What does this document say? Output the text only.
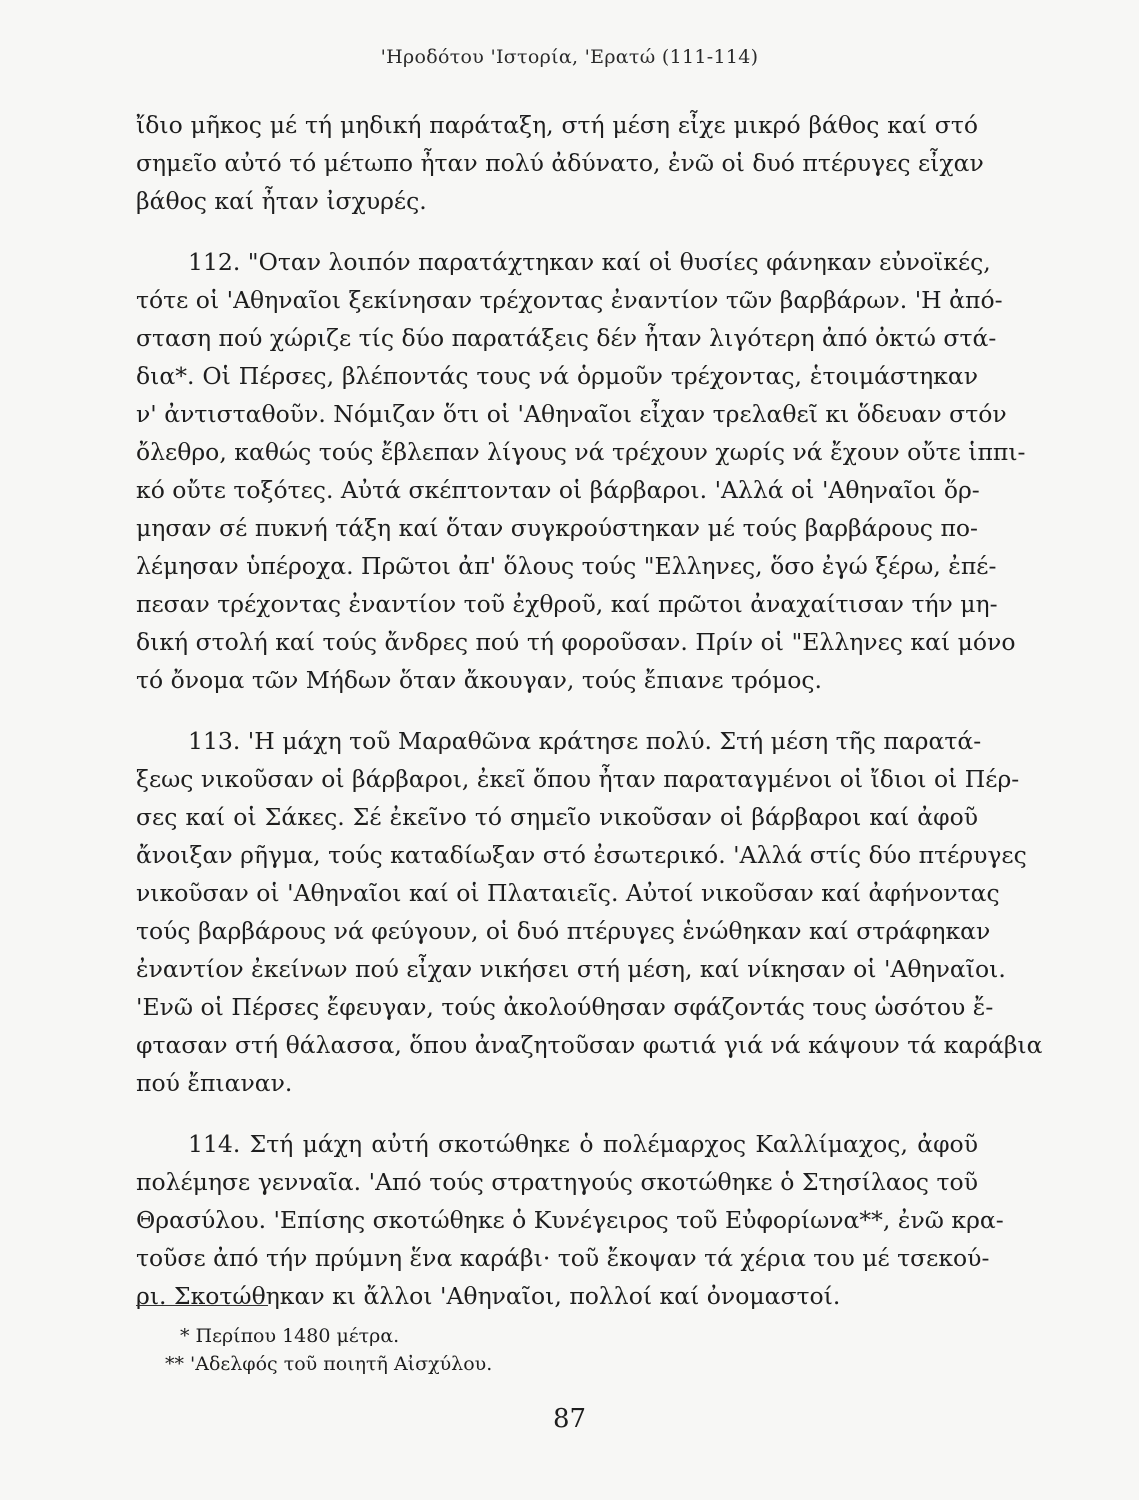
'Ηροδότου 'Ιστορία, 'Ερατώ (111-114)
ἴδιο μῆκος μέ τή μηδική παράταξη, στή μέση εἶχε μικρό βάθος καί στό
σημεῖο αὐτό τό μέτωπο ἦταν πολύ ἀδύνατο, ἐνῶ οἱ δυό πτέρυγες εἶχαν
βάθος καί ἦταν ἰσχυρές.
112. "Οταν λοιπόν παρατάχτηκαν καί οἱ θυσίες φάνηκαν εὐνοϊκές,
τότε οἱ 'Αθηναῖοι ξεκίνησαν τρέχοντας ἐναντίον τῶν βαρβάρων. 'Η ἀπό-
σταση πού χώριζε τίς δύο παρατάξεις δέν ἦταν λιγότερη ἀπό ὀκτώ στά-
δια*. Οἱ Πέρσες, βλέποντάς τους νά ὁρμοῦν τρέχοντας, ἑτοιμάστηκαν
ν' ἀντισταθοῦν. Νόμιζαν ὅτι οἱ 'Αθηναῖοι εἶχαν τρελαθεῖ κι ὅδευαν στόν
ὄλεθρο, καθώς τούς ἔβλεπαν λίγους νά τρέχουν χωρίς νά ἔχουν οὔτε ἱππι-
κό οὔτε τοξότες. Αὐτά σκέπτονταν οἱ βάρβαροι. 'Αλλά οἱ 'Αθηναῖοι ὅρ-
μησαν σέ πυκνή τάξη καί ὅταν συγκρούστηκαν μέ τούς βαρβάρους πο-
λέμησαν ὑπέροχα. Πρῶτοι ἀπ' ὅλους τούς "Ελληνες, ὅσο ἐγώ ξέρω, ἐπέ-
πεσαν τρέχοντας ἐναντίον τοῦ ἐχθροῦ, καί πρῶτοι ἀναχαίτισαν τήν μη-
δική στολή καί τούς ἄνδρες πού τή φοροῦσαν. Πρίν οἱ "Ελληνες καί μόνο
τό ὄνομα τῶν Μήδων ὅταν ἄκουγαν, τούς ἔπιανε τρόμος.
113. 'Η μάχη τοῦ Μαραθῶνα κράτησε πολύ. Στή μέση τῆς παρατά-
ξεως νικοῦσαν οἱ βάρβαροι, ἐκεῖ ὅπου ἦταν παραταγμένοι οἱ ἴδιοι οἱ Πέρ-
σες καί οἱ Σάκες. Σέ ἐκεῖνο τό σημεῖο νικοῦσαν οἱ βάρβαροι καί ἀφοῦ
ἄνοιξαν ρῆγμα, τούς καταδίωξαν στό ἐσωτερικό. 'Αλλά στίς δύο πτέρυγες
νικοῦσαν οἱ 'Αθηναῖοι καί οἱ Πλαταιεῖς. Αὐτοί νικοῦσαν καί ἀφήνοντας
τούς βαρβάρους νά φεύγουν, οἱ δυό πτέρυγες ἑνώθηκαν καί στράφηκαν
ἐναντίον ἐκείνων πού εἶχαν νικήσει στή μέση, καί νίκησαν οἱ 'Αθηναῖοι.
'Ενῶ οἱ Πέρσες ἔφευγαν, τούς ἀκολούθησαν σφάζοντάς τους ὡσότου ἔ-
φτασαν στή θάλασσα, ὅπου ἀναζητοῦσαν φωτιά γιά νά κάψουν τά καράβια
πού ἔπιαναν.
114. Στή μάχη αὐτή σκοτώθηκε ὁ πολέμαρχος Καλλίμαχος, ἀφοῦ
πολέμησε γενναῖα. 'Από τούς στρατηγούς σκοτώθηκε ὁ Στησίλαος τοῦ
Θρασύλου. 'Επίσης σκοτώθηκε ὁ Κυνέγειρος τοῦ Εὐφορίωνα**, ἐνῶ κρα-
τοῦσε ἀπό τήν πρύμνη ἕνα καράβι· τοῦ ἔκοψαν τά χέρια του μέ τσεκού-
ρι. Σκοτώθηκαν κι ἄλλοι 'Αθηναῖοι, πολλοί καί ὀνομαστοί.
* Περίπου 1480 μέτρα.
** 'Αδελφός τοῦ ποιητῆ Αἰσχύλου.
87
